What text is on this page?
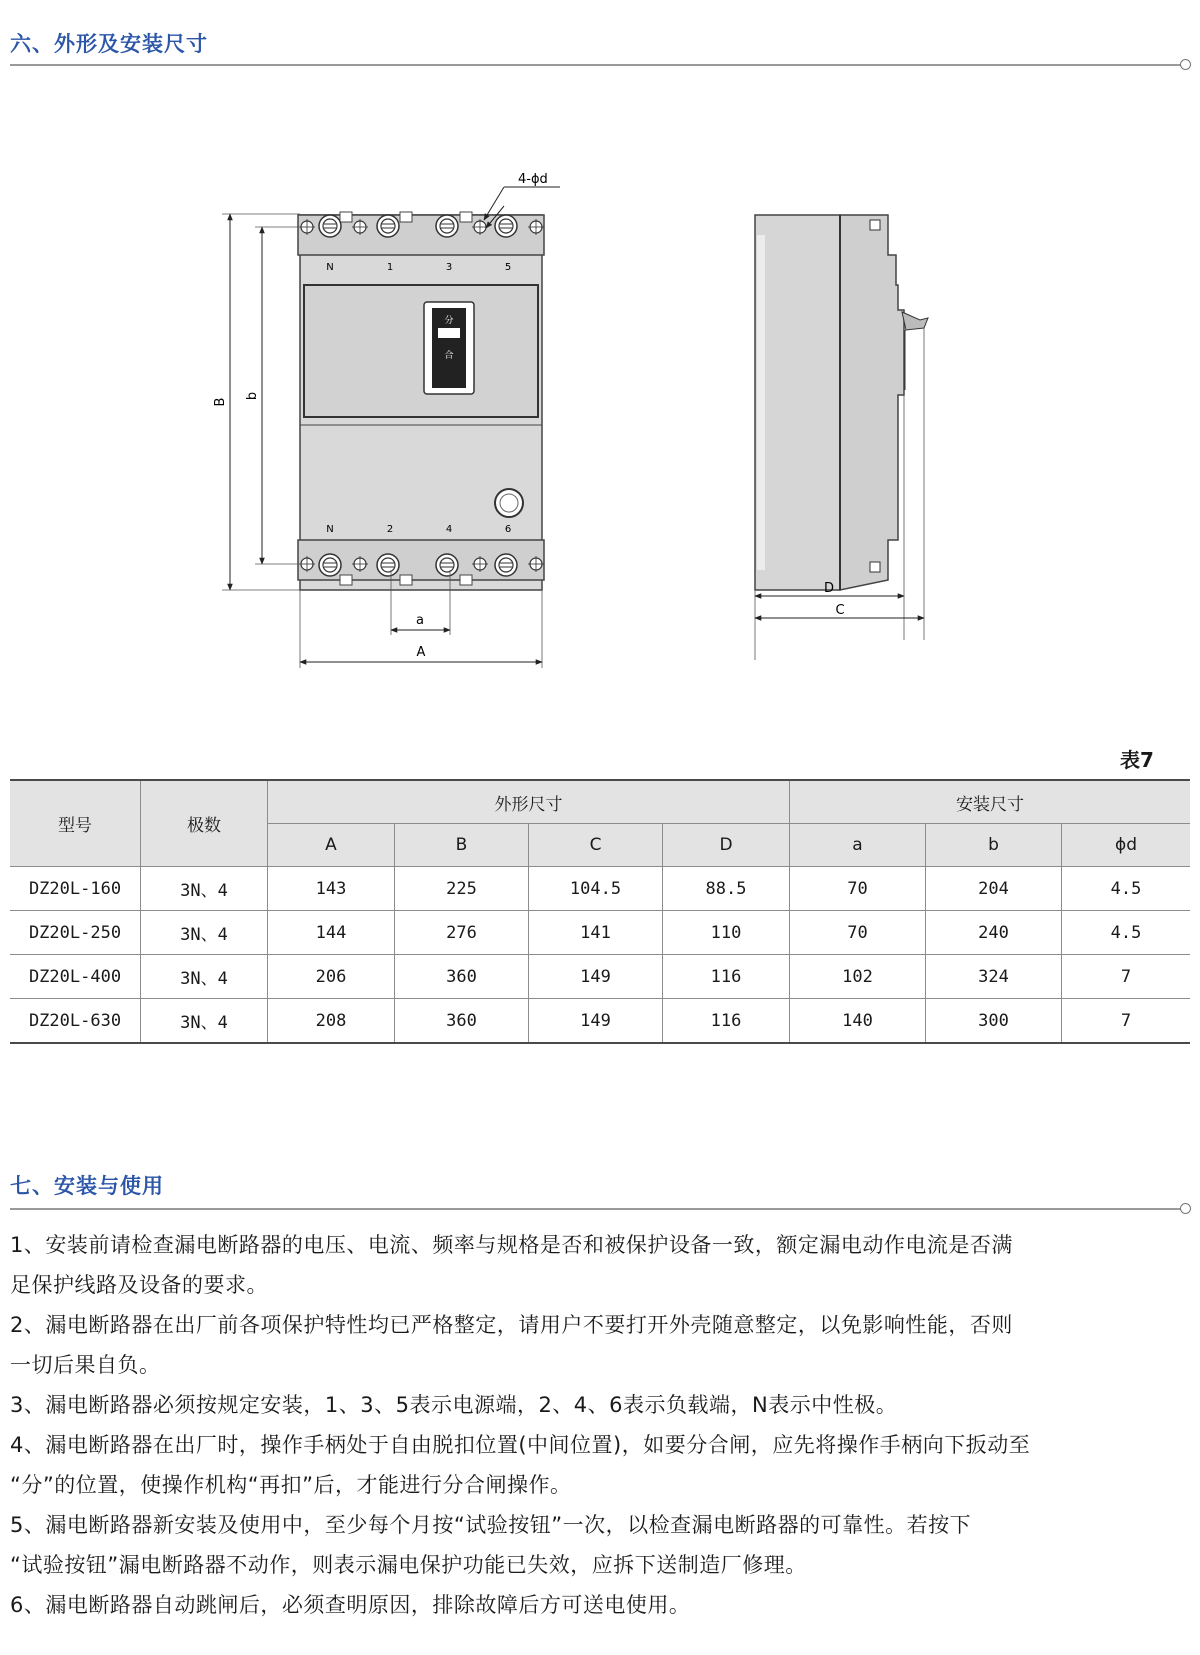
六、外形及安装尺寸
N	1	3	5
分
合
N	2	4	6
4-ϕd
B
b
a
A
D
C
表7
型号	极数	外形尺寸				安装尺寸		
		A	B	C	D	a	b	ϕd
DZ20L-160	3N、4	143	225	104.5	88.5	70	204	4.5
DZ20L-250	3N、4	144	276	141	110	70	240	4.5
DZ20L-400	3N、4	206	360	149	116	102	324	7
DZ20L-630	3N、4	208	360	149	116	140	300	7
七、安装与使用

1、安装前请检查漏电断路器的电压、电流、频率与规格是否和被保护设备一致，额定漏电动作电流是否满

足保护线路及设备的要求。

2、漏电断路器在出厂前各项保护特性均已严格整定，请用户不要打开外壳随意整定，以免影响性能，否则

一切后果自负。

3、漏电断路器必须按规定安装，1、3、5表示电源端，2、4、6表示负载端，N表示中性极。

4、漏电断路器在出厂时，操作手柄处于自由脱扣位置(中间位置)，如要分合闸，应先将操作手柄向下扳动至

“分”的位置，使操作机构“再扣”后，才能进行分合闸操作。

5、漏电断路器新安装及使用中，至少每个月按“试验按钮”一次，以检查漏电断路器的可靠性。若按下

“试验按钮”漏电断路器不动作，则表示漏电保护功能已失效，应拆下送制造厂修理。

6、漏电断路器自动跳闸后，必须查明原因，排除故障后方可送电使用。
